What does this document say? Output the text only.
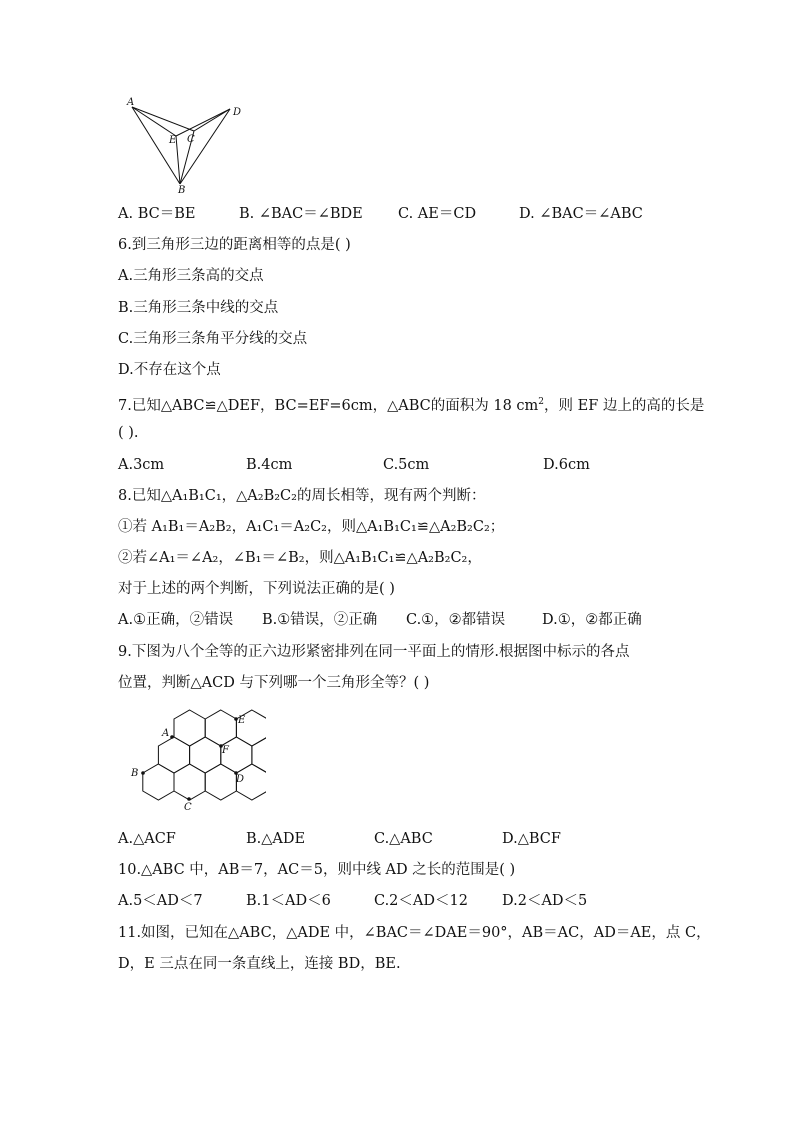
A
D
E C
B
A. BC＝BE	B. ∠BAC＝∠BDE C. AE＝CD	D. ∠BAC＝∠ABC
6.到三角形三边的距离相等的点是( )
A.三角形三条高的交点
B.三角形三条中线的交点
C.三角形三条角平分线的交点
D.不存在这个点
7.已知△ABC≌△DEF，BC=EF=6cm，△ABC的面积为 18 $cm^2$，则 EF 边上的高的长是
( ).
A.3cm	B.4cm	C.5cm	D.6cm
8.已知△A₁B₁C₁，△A₂B₂C₂的周长相等，现有两个判断：
①若 A₁B₁＝A₂B₂，A₁C₁＝A₂C₂，则△A₁B₁C₁≌△A₂B₂C₂；
②若∠A₁＝∠A₂，∠B₁＝∠B₂，则△A₁B₁C₁≌△A₂B₂C₂，
对于上述的两个判断，下列说法正确的是( )
A.①正确，②错误 B.①错误，②正确 C.①，②都错误	D.①，②都正确
9.下图为八个全等的正六边形紧密排列在同一平面上的情形.根据图中标示的各点
位置，判断△ACD 与下列哪一个三角形全等？( )
A
B
C
D
E
F
A.△ACF	B.△ADE	C.△ABC	D.△BCF
10.△ABC 中，AB＝7，AC＝5，则中线 AD 之长的范围是( )
A.5＜AD＜7	B.1＜AD＜6	C.2＜AD＜12 D.2＜AD＜5
11.如图，已知在△ABC，△ADE 中，∠BAC＝∠DAE＝90°，AB＝AC，AD＝AE，点 C，
D，E 三点在同一条直线上，连接 BD，BE.
